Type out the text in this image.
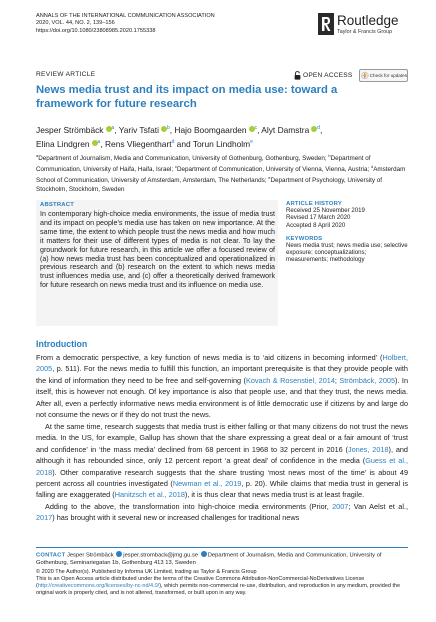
ANNALS OF THE INTERNATIONAL COMMUNICATION ASSOCIATION
2020, VOL. 44, NO. 2, 139–156
https://doi.org/10.1080/23808985.2020.1755338
Routledge
Taylor & Francis Group
REVIEW ARTICLE	OPEN ACCESS	Check for updates
News media trust and its impact on media use: toward a framework for future research
Jesper Strömbäck $^a$, Yariv Tsfati $^b$, Hajo Boomgaarden $^c$, Alyt Damstra $^d$,
Elina Lindgren $^a$, Rens Vliegenthart$^d$ and Torun Lindholm$^e$
$^a$Department of Journalism, Media and Communication, University of Gothenburg, Gothenburg, Sweden; $^b$Department of Communication, University of Haifa, Haifa, Israel; $^c$Department of Communication, University of Vienna, Vienna, Austria; $^d$Amsterdam School of Communication, University of Amsterdam, Amsterdam, The Netherlands; $^e$Department of Psychology, University of Stockholm, Stockholm, Sweden
ABSTRACT
In contemporary high-choice media environments, the issue of media trust and its impact on people’s media use has taken on new importance. At the same time, the extent to which people trust the news media and how much it matters for their use of different types of media is not clear. To lay the groundwork for future research, in this article we offer a focused review of (a) how news media trust has been conceptualized and operationalized in previous research and (b) research on the extent to which news media trust influences media use, and (c) offer a theoretically derived framework for future research on news media trust and its influence on media use.
ARTICLE HISTORY
Received 25 November 2019
Revised 17 March 2020
Accepted 8 April 2020
KEYWORDS
News media trust; news media use; selective exposure; conceptualizations; measurements; methodology
Introduction

From a democratic perspective, a key function of news media is to ‘aid citizens in becoming informed’ (Holbert, 2005, p. 511). For the news media to fulfill this function, an important prerequisite is that they provide people with the kind of information they need to be free and self-governing (Kovach & Rosenstiel, 2014; Strömbäck, 2005). In itself, this is however not enough. Of key importance is also that people use, and that they trust, the news media. After all, even a perfectly informative news media environment is of little democratic use if citizens by and large do not consume the news or if they do not trust the news.

At the same time, research suggests that media trust is either falling or that many citizens do not trust the news media. In the US, for example, Gallup has shown that the share expressing a great deal or a fair amount of ‘trust and confidence’ in ‘the mass media’ declined from 68 percent in 1968 to 32 percent in 2016 (Jones, 2018), and although it has rebounded since, only 12 percent report ‘a great deal’ of confidence in the media (Guess et al., 2018). Other comparative research suggests that the share trusting ‘most news most of the time’ is about 49 percent across all countries investigated (Newman et al., 2019, p. 20). While claims that media trust in general is falling are exaggerated (Hanitzsch et al., 2018), it is thus clear that news media trust is at least fragile.

Adding to the above, the transformation into high-choice media environments (Prior, 2007; Van Aelst et al., 2017) has brought with it several new or increased challenges for traditional news

CONTACT Jesper Strömbäck jesper.stromback@jmg.gu.se Department of Journalism, Media and Communication, University of Gothenburg, Seminariegatan 1b, Gothenburg 413 13, Sweden
© 2020 The Author(s). Published by Informa UK Limited, trading as Taylor & Francis Group
This is an Open Access article distributed under the terms of the Creative Commons Attribution-NonCommercial-NoDerivatives License (http://creativecommons.org/licenses/by-nc-nd/4.0/), which permits non-commercial re-use, distribution, and reproduction in any medium, provided the original work is properly cited, and is not altered, transformed, or built upon in any way.
